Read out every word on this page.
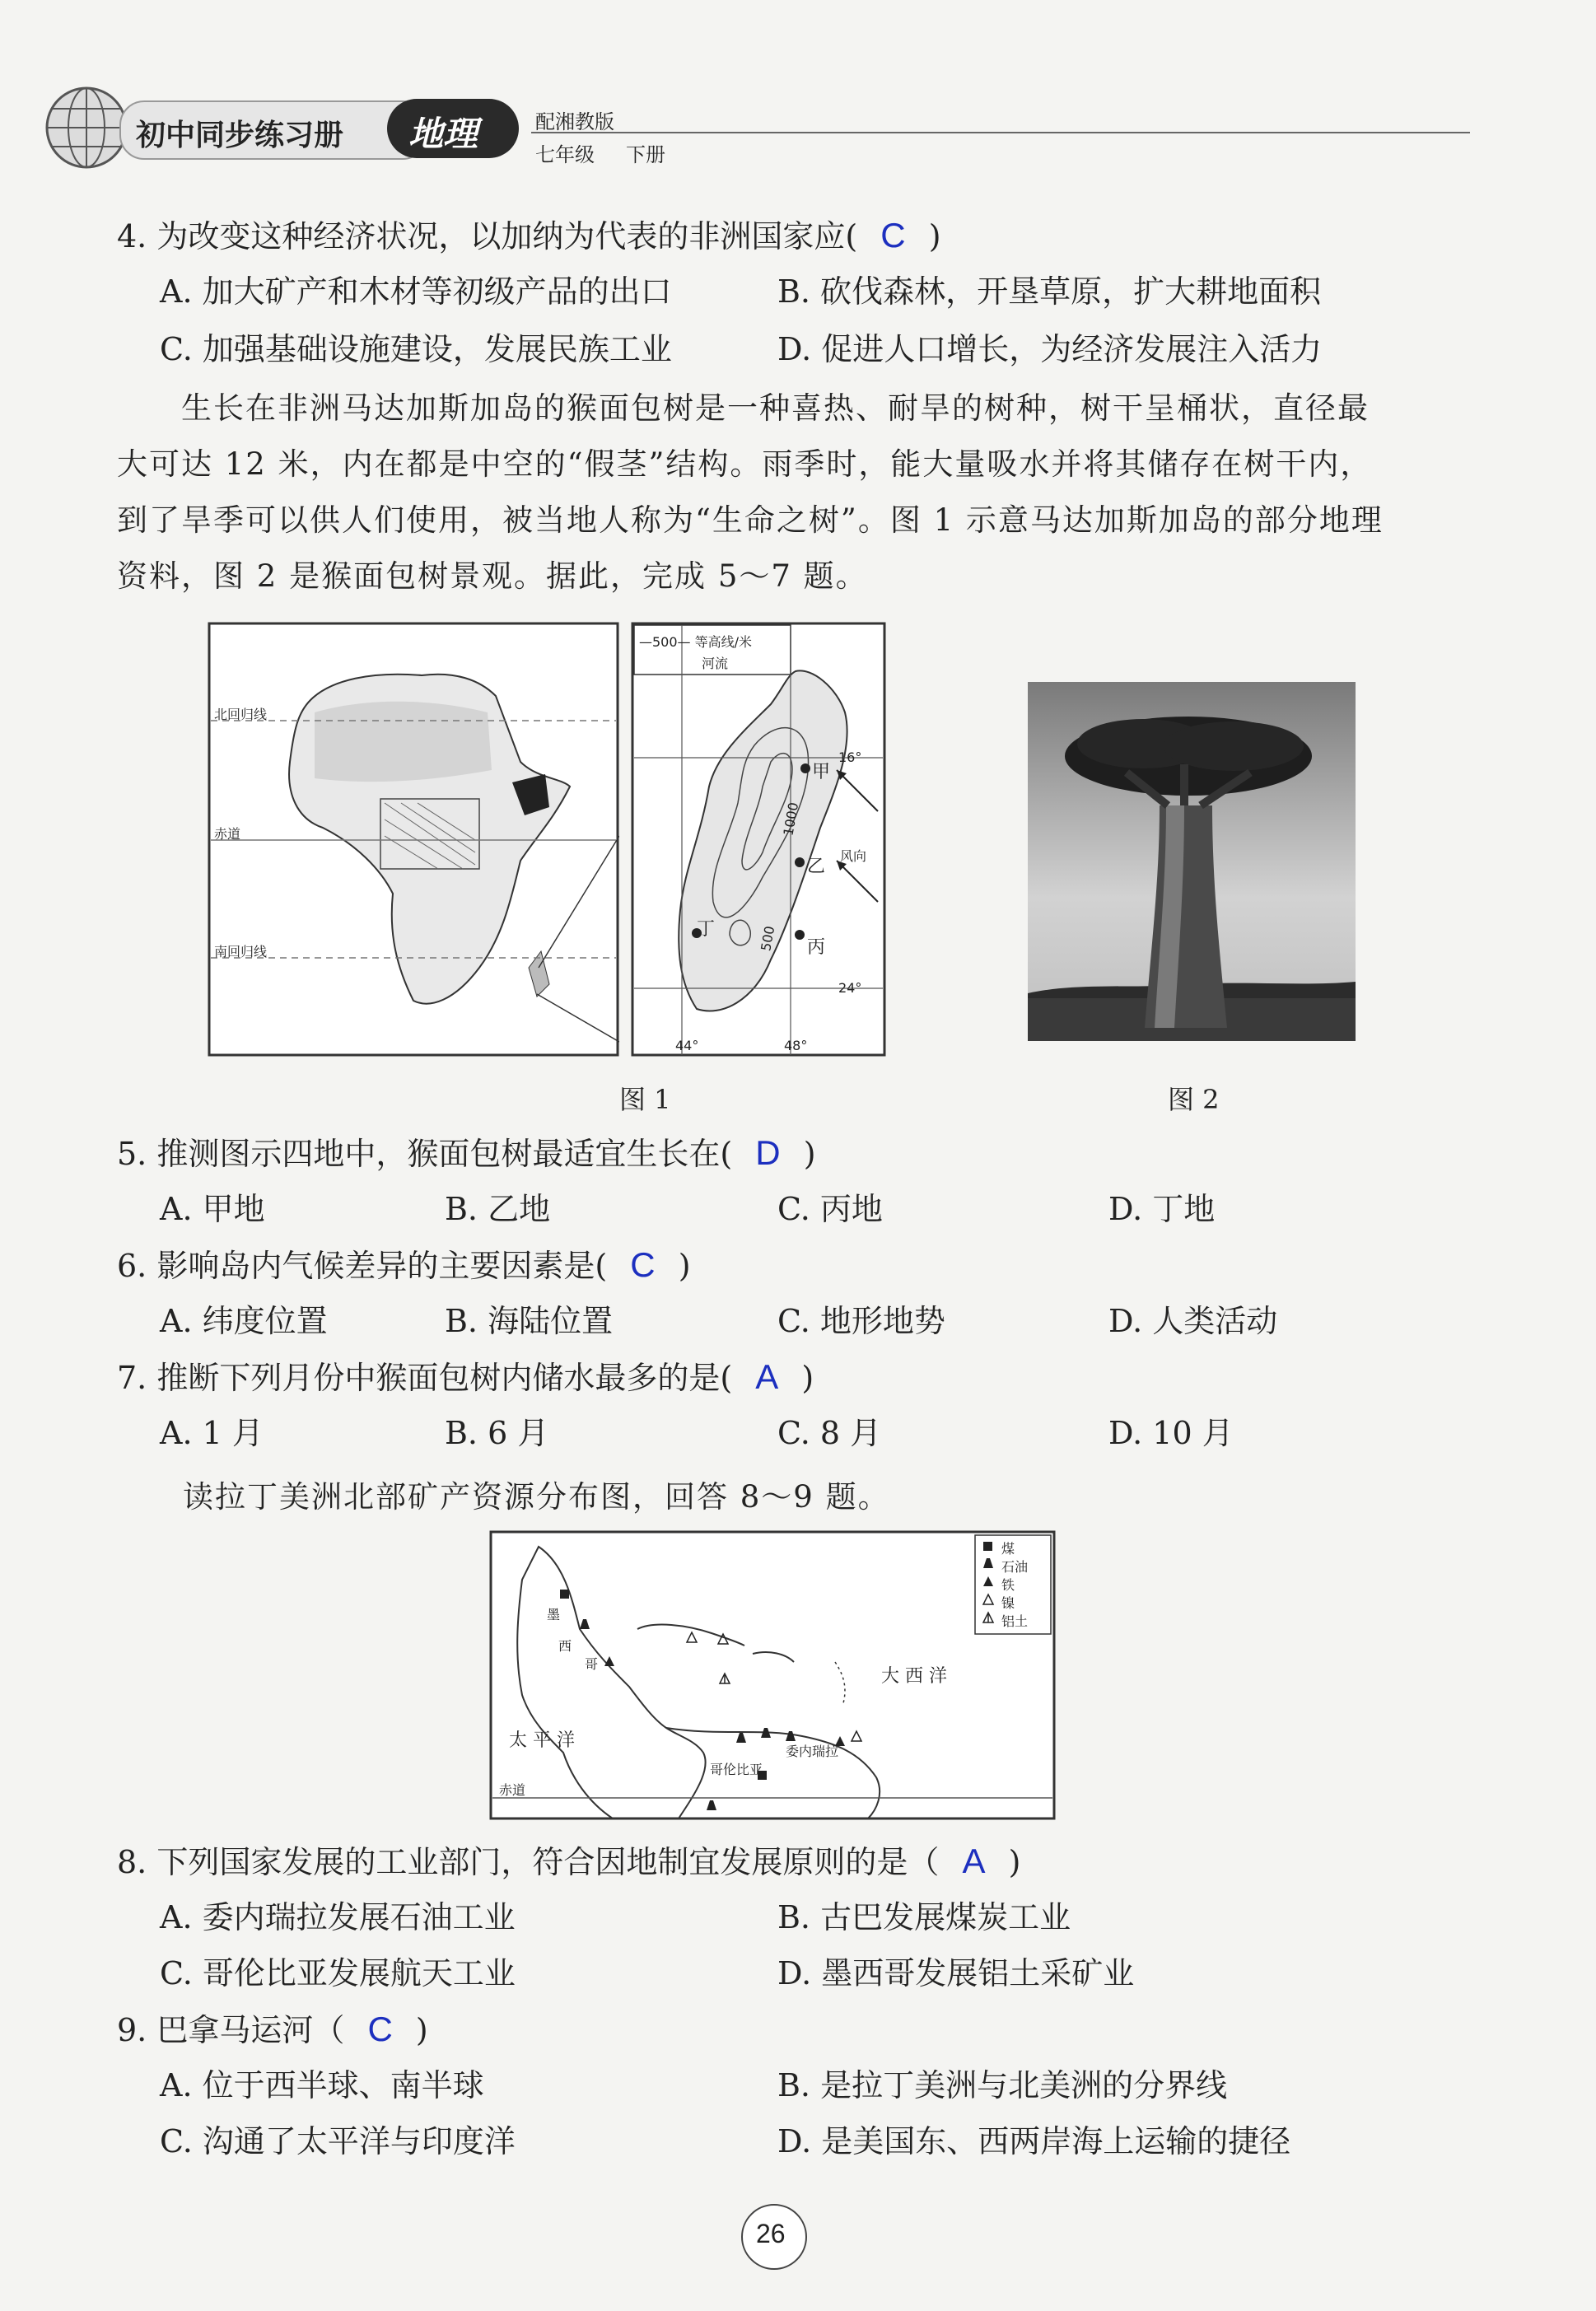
初中同步练习册 地理	配湘教版
七年级 下册
4. 为改变这种经济状况，以加纳为代表的非洲国家应( C )
A. 加大矿产和木材等初级产品的出口	B. 砍伐森林，开垦草原，扩大耕地面积
C. 加强基础设施建设，发展民族工业	D. 促进人口增长，为经济发展注入活力
生长在非洲马达加斯加岛的猴面包树是一种喜热、耐旱的树种，树干呈桶状，直径最
大可达 12 米，内在都是中空的“假茎”结构。雨季时，能大量吸水并将其储存在树干内，
到了旱季可以供人们使用，被当地人称为“生命之树”。图 1 示意马达加斯加岛的部分地理
资料，图 2 是猴面包树景观。据此，完成 5～7 题。
北回归线
赤道
南回归线
—500— 等高线/米
河流
16°
24°
44°	48°
1000
500
甲
乙
丙
丁
风向
图 1	图 2
5. 推测图示四地中，猴面包树最适宜生长在( D )
A. 甲地	B. 乙地	C. 丙地	D. 丁地
6. 影响岛内气候差异的主要因素是( C )
A. 纬度位置	B. 海陆位置	C. 地形地势	D. 人类活动
7. 推断下列月份中猴面包树内储水最多的是( A )
A. 1 月	B. 6 月	C. 8 月	D. 10 月
读拉丁美洲北部矿产资源分布图，回答 8～9 题。
煤
石油
铁
镍
铝土
大 西 洋
太 平 洋
赤道
墨
西
哥
委内瑞拉
哥伦比亚
8. 下列国家发展的工业部门，符合因地制宜发展原则的是（ A )
A. 委内瑞拉发展石油工业	B. 古巴发展煤炭工业
C. 哥伦比亚发展航天工业	D. 墨西哥发展铝土采矿业
9. 巴拿马运河（ C )
A. 位于西半球、南半球	B. 是拉丁美洲与北美洲的分界线
C. 沟通了太平洋与印度洋	D. 是美国东、西两岸海上运输的捷径
26
